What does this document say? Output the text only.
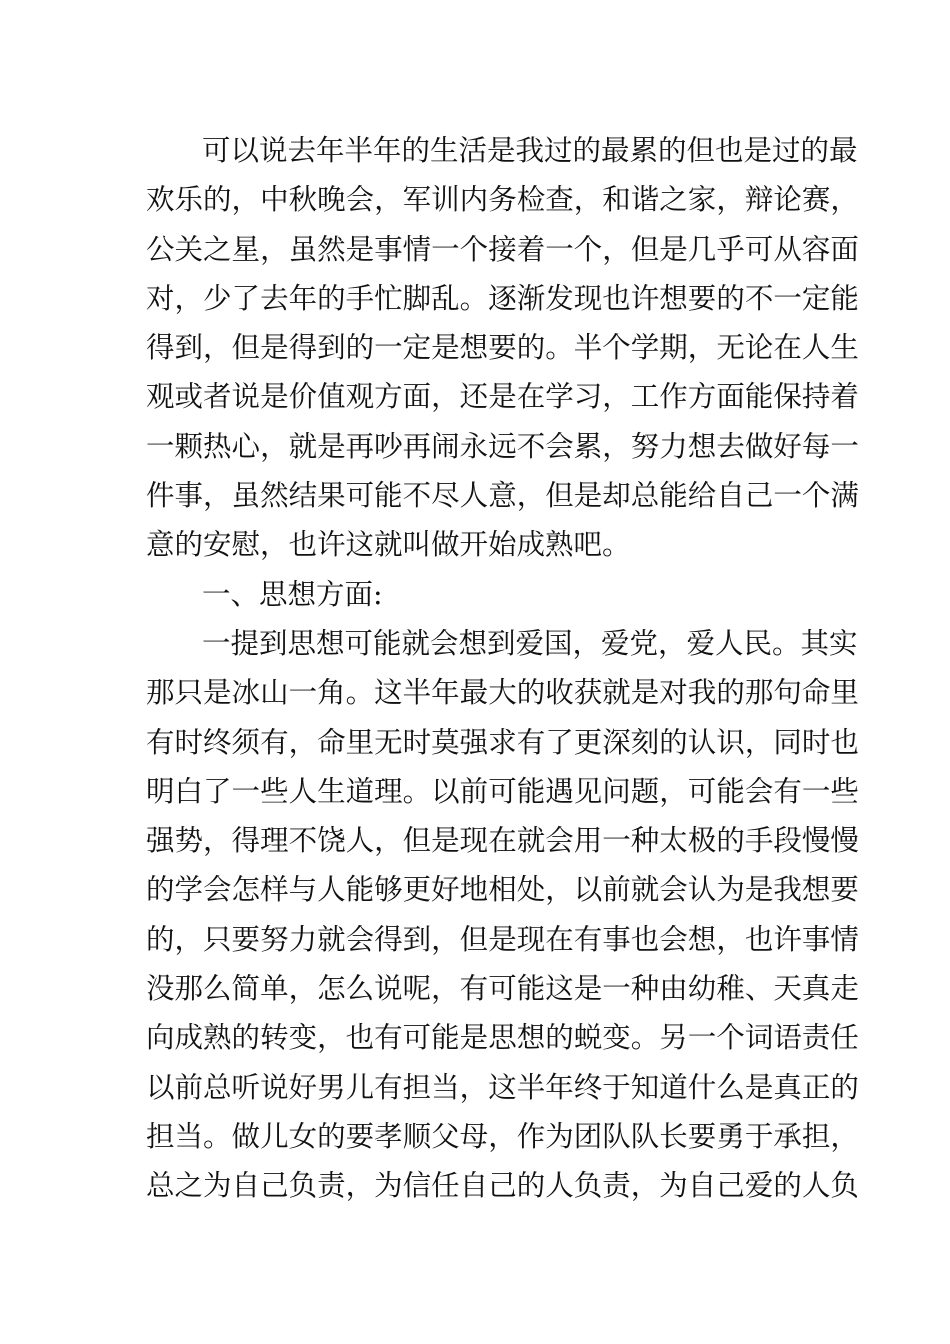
可以说去年半年的生活是我过的最累的但也是过的最
欢 乐 的 ， 中 秋 晚 会 ， 军 训 内 务 检 查 ， 和 谐 之 家 ， 辩 论 赛 ，
公 关 之 星 ， 虽 然 是 事 情 一 个 接 着 一 个 ， 但 是 几 乎 可 从 容 面
对 ， 少 了 去 年 的 手 忙 脚 乱 。 逐 渐 发 现 也 许 想 要 的 不 一 定 能
得 到 ， 但 是 得 到 的 一 定 是 想 要 的 。 半 个 学 期 ， 无 论 在 人 生
观 或 者 说 是 价 值 观 方 面 ， 还 是 在 学 习 ， 工 作 方 面 能 保 持 着
一 颗 热 心 ， 就 是 再 吵 再 闹 永 远 不 会 累 ， 努 力 想 去 做 好 每 一
件 事 ， 虽 然 结 果 可 能 不 尽 人 意 ， 但 是 却 总 能 给 自 己 一 个 满
意的安慰，也许这就叫做开始成熟吧。
一、思想方面:
一提到思想可能就会想到爱国，爱党，爱人民。其实
那 只 是 冰 山 一 角 。 这 半 年 最 大 的 收 获 就 是 对 我 的 那 句 命 里
有 时 终 须 有 ， 命 里 无 时 莫 强 求 有 了 更 深 刻 的 认 识 ， 同 时 也
明 白 了 一 些 人 生 道 理 。 以 前 可 能 遇 见 问 题 ， 可 能 会 有 一 些
强 势 ， 得 理 不 饶 人 ， 但 是 现 在 就 会 用 一 种 太 极 的 手 段 慢 慢
的 学 会 怎 样 与 人 能 够 更 好 地 相 处 ， 以 前 就 会 认 为 是 我 想 要
的 ， 只 要 努 力 就 会 得 到 ， 但 是 现 在 有 事 也 会 想 ， 也 许 事 情
没 那 么 简 单 ， 怎 么 说 呢 ， 有 可 能 这 是 一 种 由 幼 稚 、 天 真 走
向 成 熟 的 转 变 ， 也 有 可 能 是 思 想 的 蜕 变 。 另 一 个 词 语 责 任
以 前 总 听 说 好 男 儿 有 担 当 ， 这 半 年 终 于 知 道 什 么 是 真 正 的
担 当 。 做 儿 女 的 要 孝 顺 父 母 ， 作 为 团 队 队 长 要 勇 于 承 担 ，
总 之 为 自 己 负 责 ， 为 信 任 自 己 的 人 负 责 ， 为 自 己 爱 的 人 负
